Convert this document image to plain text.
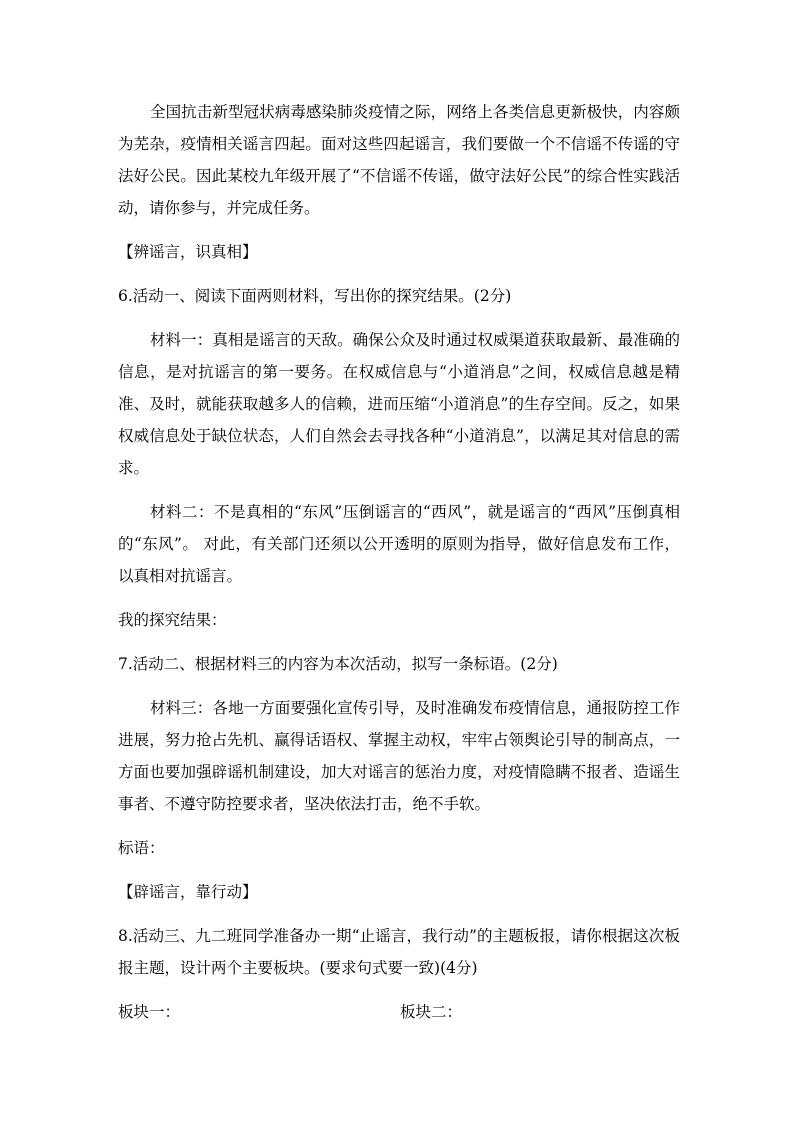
全国抗击新型冠状病毒感染肺炎疫情之际，网络上各类信息更新极快，内容颇为芜杂，疫情相关谣言四起。面对这些四起谣言，我们要做一个不信谣不传谣的守法好公民。因此某校九年级开展了“不信谣不传谣，做守法好公民”的综合性实践活动，请你参与，并完成任务。

【辨谣言，识真相】

6.活动一、阅读下面两则材料，写出你的探究结果。(2分)

材料一：真相是谣言的天敌。确保公众及时通过权威渠道获取最新、最准确的信息，是对抗谣言的第一要务。在权威信息与“小道消息”之间，权威信息越是精准、及时，就能获取越多人的信赖，进而压缩“小道消息”的生存空间。反之，如果权威信息处于缺位状态，人们自然会去寻找各种“小道消息”，以满足其对信息的需求。

材料二：不是真相的“东风”压倒谣言的“西风”，就是谣言的“西风”压倒真相的“东风”。 对此，有关部门还须以公开透明的原则为指导，做好信息发布工作，以真相对抗谣言。

我的探究结果：

7.活动二、根据材料三的内容为本次活动，拟写一条标语。(2分)

材料三：各地一方面要强化宣传引导，及时准确发布疫情信息，通报防控工作进展，努力抢占先机、赢得话语权、掌握主动权，牢牢占领舆论引导的制高点，一方面也要加强辟谣机制建设，加大对谣言的惩治力度，对疫情隐瞒不报者、造谣生事者、不遵守防控要求者，坚决依法打击，绝不手软。

标语：

【辟谣言，靠行动】

8.活动三、九二班同学准备办一期“止谣言，我行动”的主题板报，请你根据这次板报主题，设计两个主要板块。(要求句式要一致)(4分)

板块一：	板块二：
